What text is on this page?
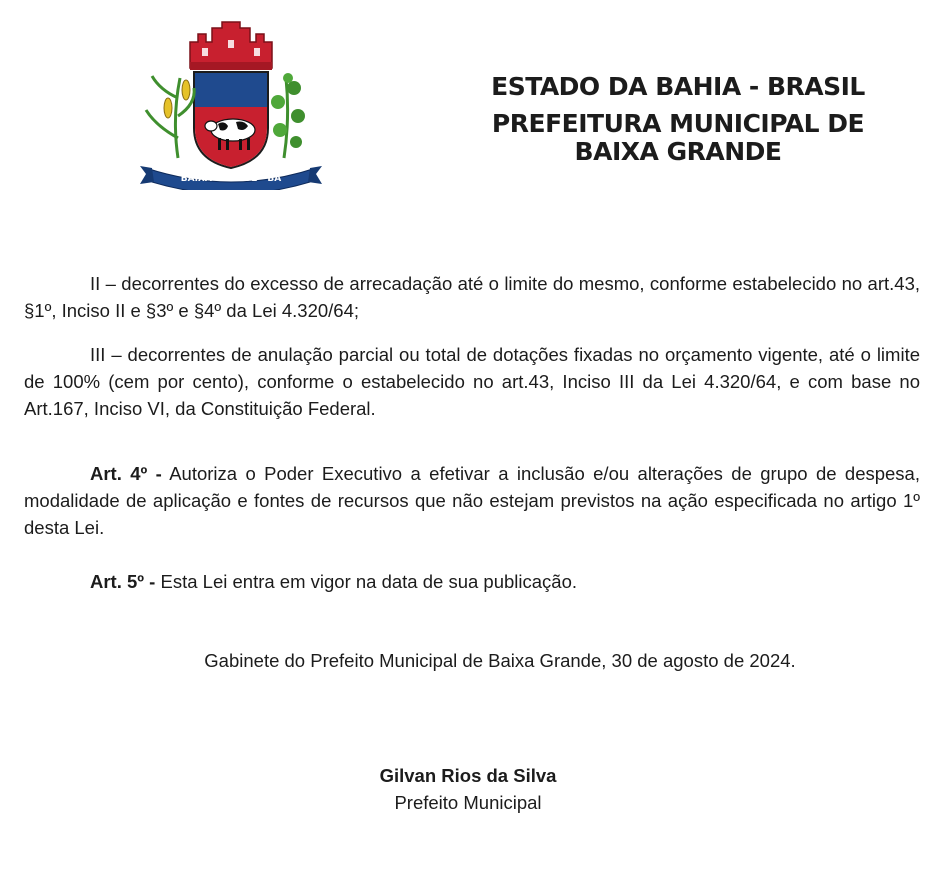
BAIXA GRANDE - BA
ESTADO DA BAHIA - BRASIL
PREFEITURA MUNICIPAL DE
BAIXA GRANDE
II – decorrentes do excesso de arrecadação até o limite do mesmo, conforme estabelecido no art.43, §1º, Inciso II e §3º e §4º da Lei 4.320/64;
III – decorrentes de anulação parcial ou total de dotações fixadas no orçamento vigente, até o limite de 100% (cem por cento), conforme o estabelecido no art.43, Inciso III da Lei 4.320/64, e com base no Art.167, Inciso VI, da Constituição Federal.
Art. 4º - Autoriza o Poder Executivo a efetivar a inclusão e/ou alterações de grupo de despesa, modalidade de aplicação e fontes de recursos que não estejam previstos na ação especificada no artigo 1º desta Lei.
Art. 5º - Esta Lei entra em vigor na data de sua publicação.
Gabinete do Prefeito Municipal de Baixa Grande, 30 de agosto de 2024.
Gilvan Rios da Silva
Prefeito Municipal
